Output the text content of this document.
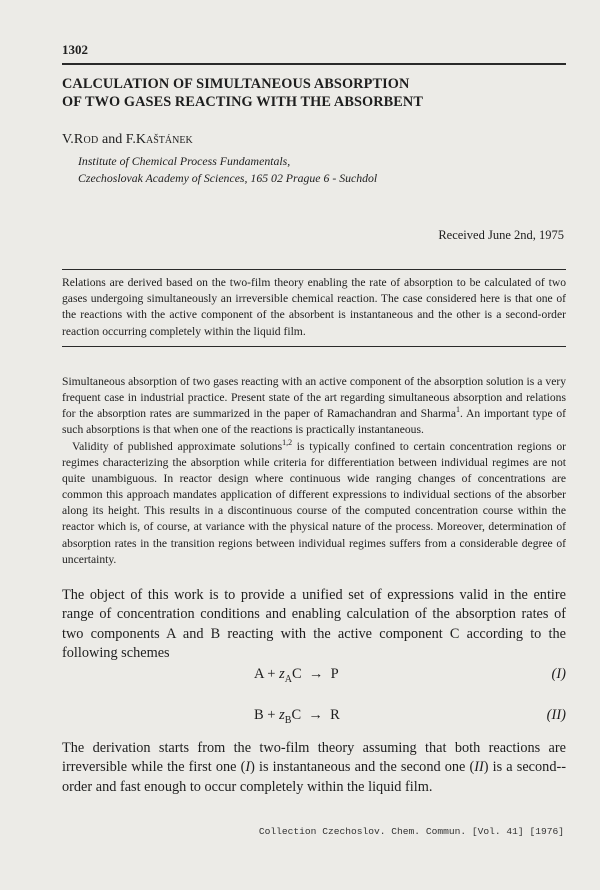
1302
CALCULATION OF SIMULTANEOUS ABSORPTION
OF TWO GASES REACTING WITH THE ABSORBENT
V.Rod and F.Kaštánek
Institute of Chemical Process Fundamentals,
Czechoslovak Academy of Sciences, 165 02 Prague 6 - Suchdol
Received June 2nd, 1975
Relations are derived based on the two-film theory enabling the rate of absorption to be calculated of two gases undergoing simultaneously an irreversible chemical reaction. The case considered here is that one of the reactions with the active component of the absorbent is instantaneous and the other is a second-order reaction occurring completely within the liquid film.

Simultaneous absorption of two gases reacting with an active component of the absorption solution is a very frequent case in industrial practice. Present state of the art regarding simultaneous absorption and relations for the absorption rates are summarized in the paper of Ramachandran and Sharma$^1$. An important type of such absorptions is that when one of the reactions is practically instantaneous.

Validity of published approximate solutions$^{1,2}$ is typically confined to certain concentration regions or regimes characterizing the absorption while criteria for differentiation between individual regimes are not quite unambiguous. In reactor design where continuous wide ranging changes of concentrations are common this approach mandates application of different expressions to individual sections of the absorber along its height. This results in a discontinuous course of the computed concentration course within the reactor which is, of course, at variance with the physical nature of the process. Moreover, determination of absorption rates in the transition regions between individual regimes suffers from a considerable degree of uncertainty.

The object of this work is to provide a unified set of expressions valid in the entire range of concentration conditions and enabling calculation of the absorption rates of two components A and B reacting with the active component C according to the following schemes
$A + z_AC \to P$	(I)
$B + z_BC \to R$	(II)
The derivation starts from the two-film theory assuming that both reactions are irreversible while the first one (I) is instantaneous and the second one (II) is a second--order and fast enough to occur completely within the liquid film.
Collection Czechoslov. Chem. Commun. [Vol. 41] [1976]
